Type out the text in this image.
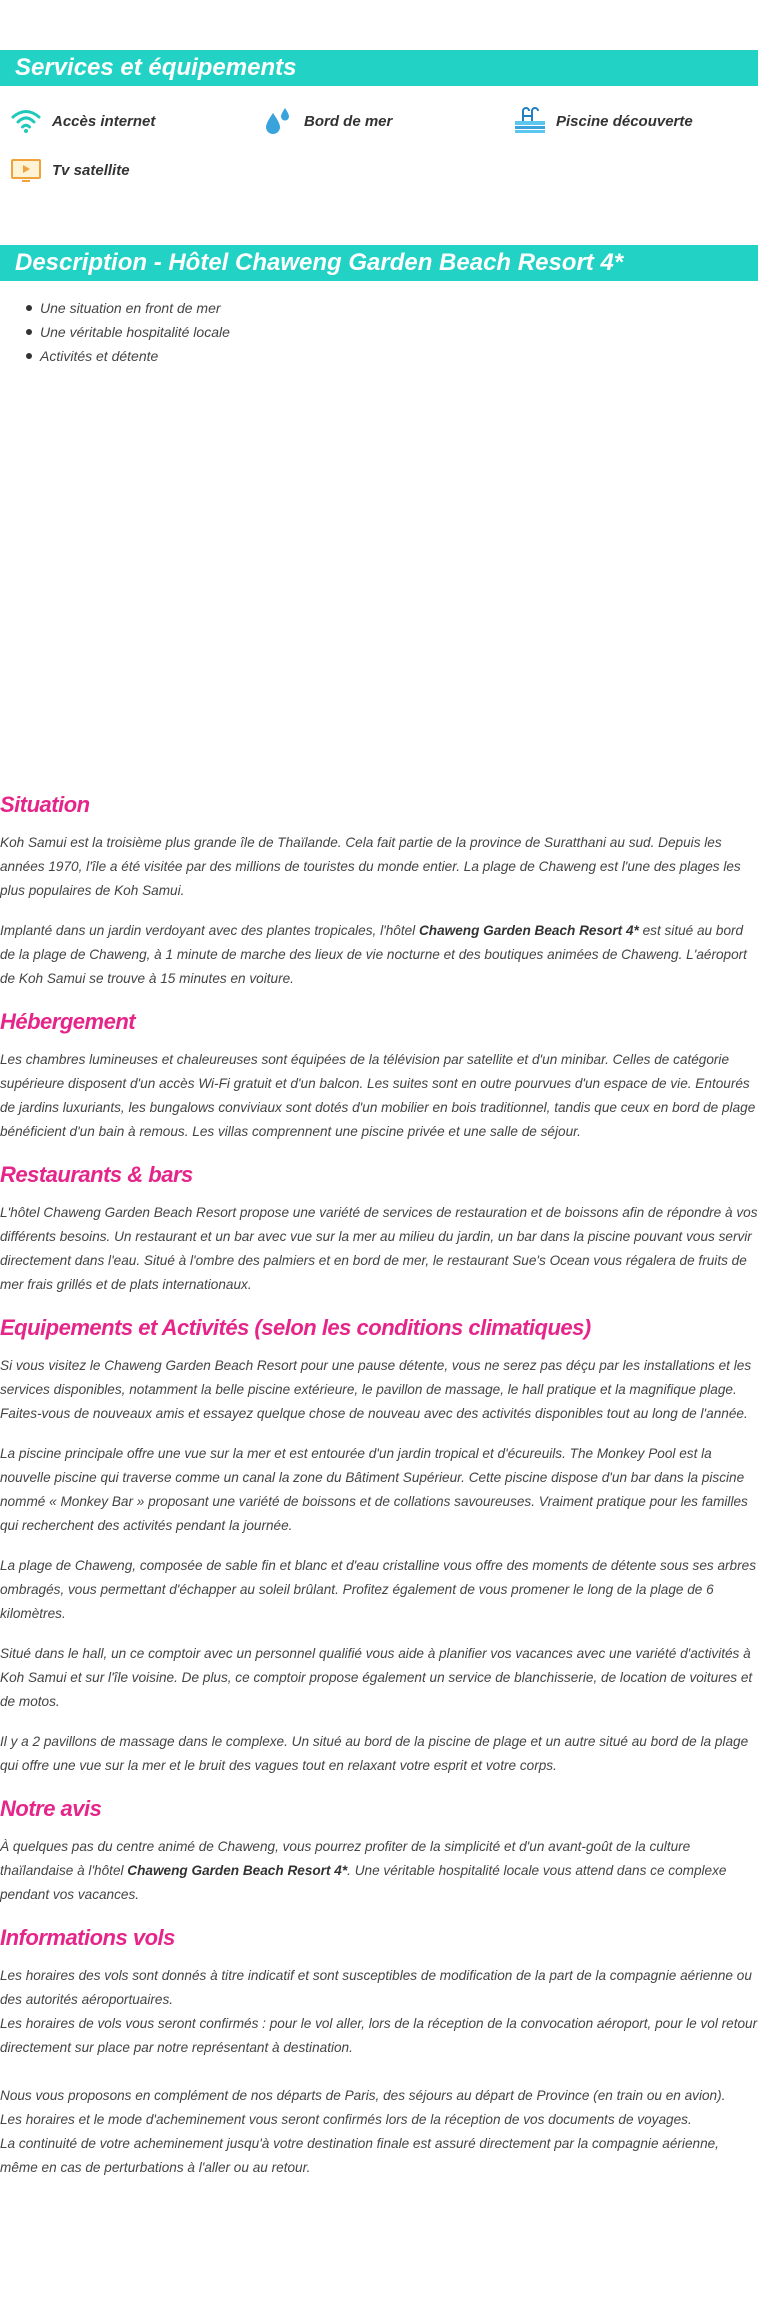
Services et équipements
Accès internet	Bord de mer	Piscine découverte
Tv satellite
Description - Hôtel Chaweng Garden Beach Resort 4*
Une situation en front de mer
Une véritable hospitalité locale
Activités et détente
Situation

Koh Samui est la troisième plus grande île de Thaïlande. Cela fait partie de la province de Suratthani au sud. Depuis les années 1970, l'île a été visitée par des millions de touristes du monde entier. La plage de Chaweng est l'une des plages les plus populaires de Koh Samui.

Implanté dans un jardin verdoyant avec des plantes tropicales, l'hôtel Chaweng Garden Beach Resort 4* est situé au bord de la plage de Chaweng, à 1 minute de marche des lieux de vie nocturne et des boutiques animées de Chaweng. L'aéroport de Koh Samui se trouve à 15 minutes en voiture.

Hébergement

Les chambres lumineuses et chaleureuses sont équipées de la télévision par satellite et d'un minibar. Celles de catégorie supérieure disposent d'un accès Wi-Fi gratuit et d'un balcon. Les suites sont en outre pourvues d'un espace de vie. Entourés de jardins luxuriants, les bungalows conviviaux sont dotés d'un mobilier en bois traditionnel, tandis que ceux en bord de plage bénéficient d'un bain à remous. Les villas comprennent une piscine privée et une salle de séjour.

Restaurants & bars

L'hôtel Chaweng Garden Beach Resort propose une variété de services de restauration et de boissons afin de répondre à vos différents besoins. Un restaurant et un bar avec vue sur la mer au milieu du jardin, un bar dans la piscine pouvant vous servir directement dans l'eau. Situé à l'ombre des palmiers et en bord de mer, le restaurant Sue's Ocean vous régalera de fruits de mer frais grillés et de plats internationaux.

Equipements et Activités (selon les conditions climatiques)

Si vous visitez le Chaweng Garden Beach Resort pour une pause détente, vous ne serez pas déçu par les installations et les services disponibles, notamment la belle piscine extérieure, le pavillon de massage, le hall pratique et la magnifique plage. Faites-vous de nouveaux amis et essayez quelque chose de nouveau avec des activités disponibles tout au long de l'année.

La piscine principale offre une vue sur la mer et est entourée d'un jardin tropical et d'écureuils. The Monkey Pool est la nouvelle piscine qui traverse comme un canal la zone du Bâtiment Supérieur. Cette piscine dispose d'un bar dans la piscine nommé « Monkey Bar » proposant une variété de boissons et de collations savoureuses. Vraiment pratique pour les familles qui recherchent des activités pendant la journée.

La plage de Chaweng, composée de sable fin et blanc et d'eau cristalline vous offre des moments de détente sous ses arbres ombragés, vous permettant d'échapper au soleil brûlant. Profitez également de vous promener le long de la plage de 6 kilomètres.

Situé dans le hall, un ce comptoir avec un personnel qualifié vous aide à planifier vos vacances avec une variété d'activités à Koh Samui et sur l'île voisine. De plus, ce comptoir propose également un service de blanchisserie, de location de voitures et de motos.

Il y a 2 pavillons de massage dans le complexe. Un situé au bord de la piscine de plage et un autre situé au bord de la plage qui offre une vue sur la mer et le bruit des vagues tout en relaxant votre esprit et votre corps.

Notre avis

À quelques pas du centre animé de Chaweng, vous pourrez profiter de la simplicité et d'un avant-goût de la culture thaïlandaise à l'hôtel Chaweng Garden Beach Resort 4*. Une véritable hospitalité locale vous attend dans ce complexe pendant vos vacances.

Informations vols

Les horaires des vols sont donnés à titre indicatif et sont susceptibles de modification de la part de la compagnie aérienne ou des autorités aéroportuaires.

Les horaires de vols vous seront confirmés : pour le vol aller, lors de la réception de la convocation aéroport, pour le vol retour directement sur place par notre représentant à destination.

Nous vous proposons en complément de nos départs de Paris, des séjours au départ de Province (en train ou en avion).

Les horaires et le mode d'acheminement vous seront confirmés lors de la réception de vos documents de voyages.

La continuité de votre acheminement jusqu'à votre destination finale est assuré directement par la compagnie aérienne, même en cas de perturbations à l'aller ou au retour.
